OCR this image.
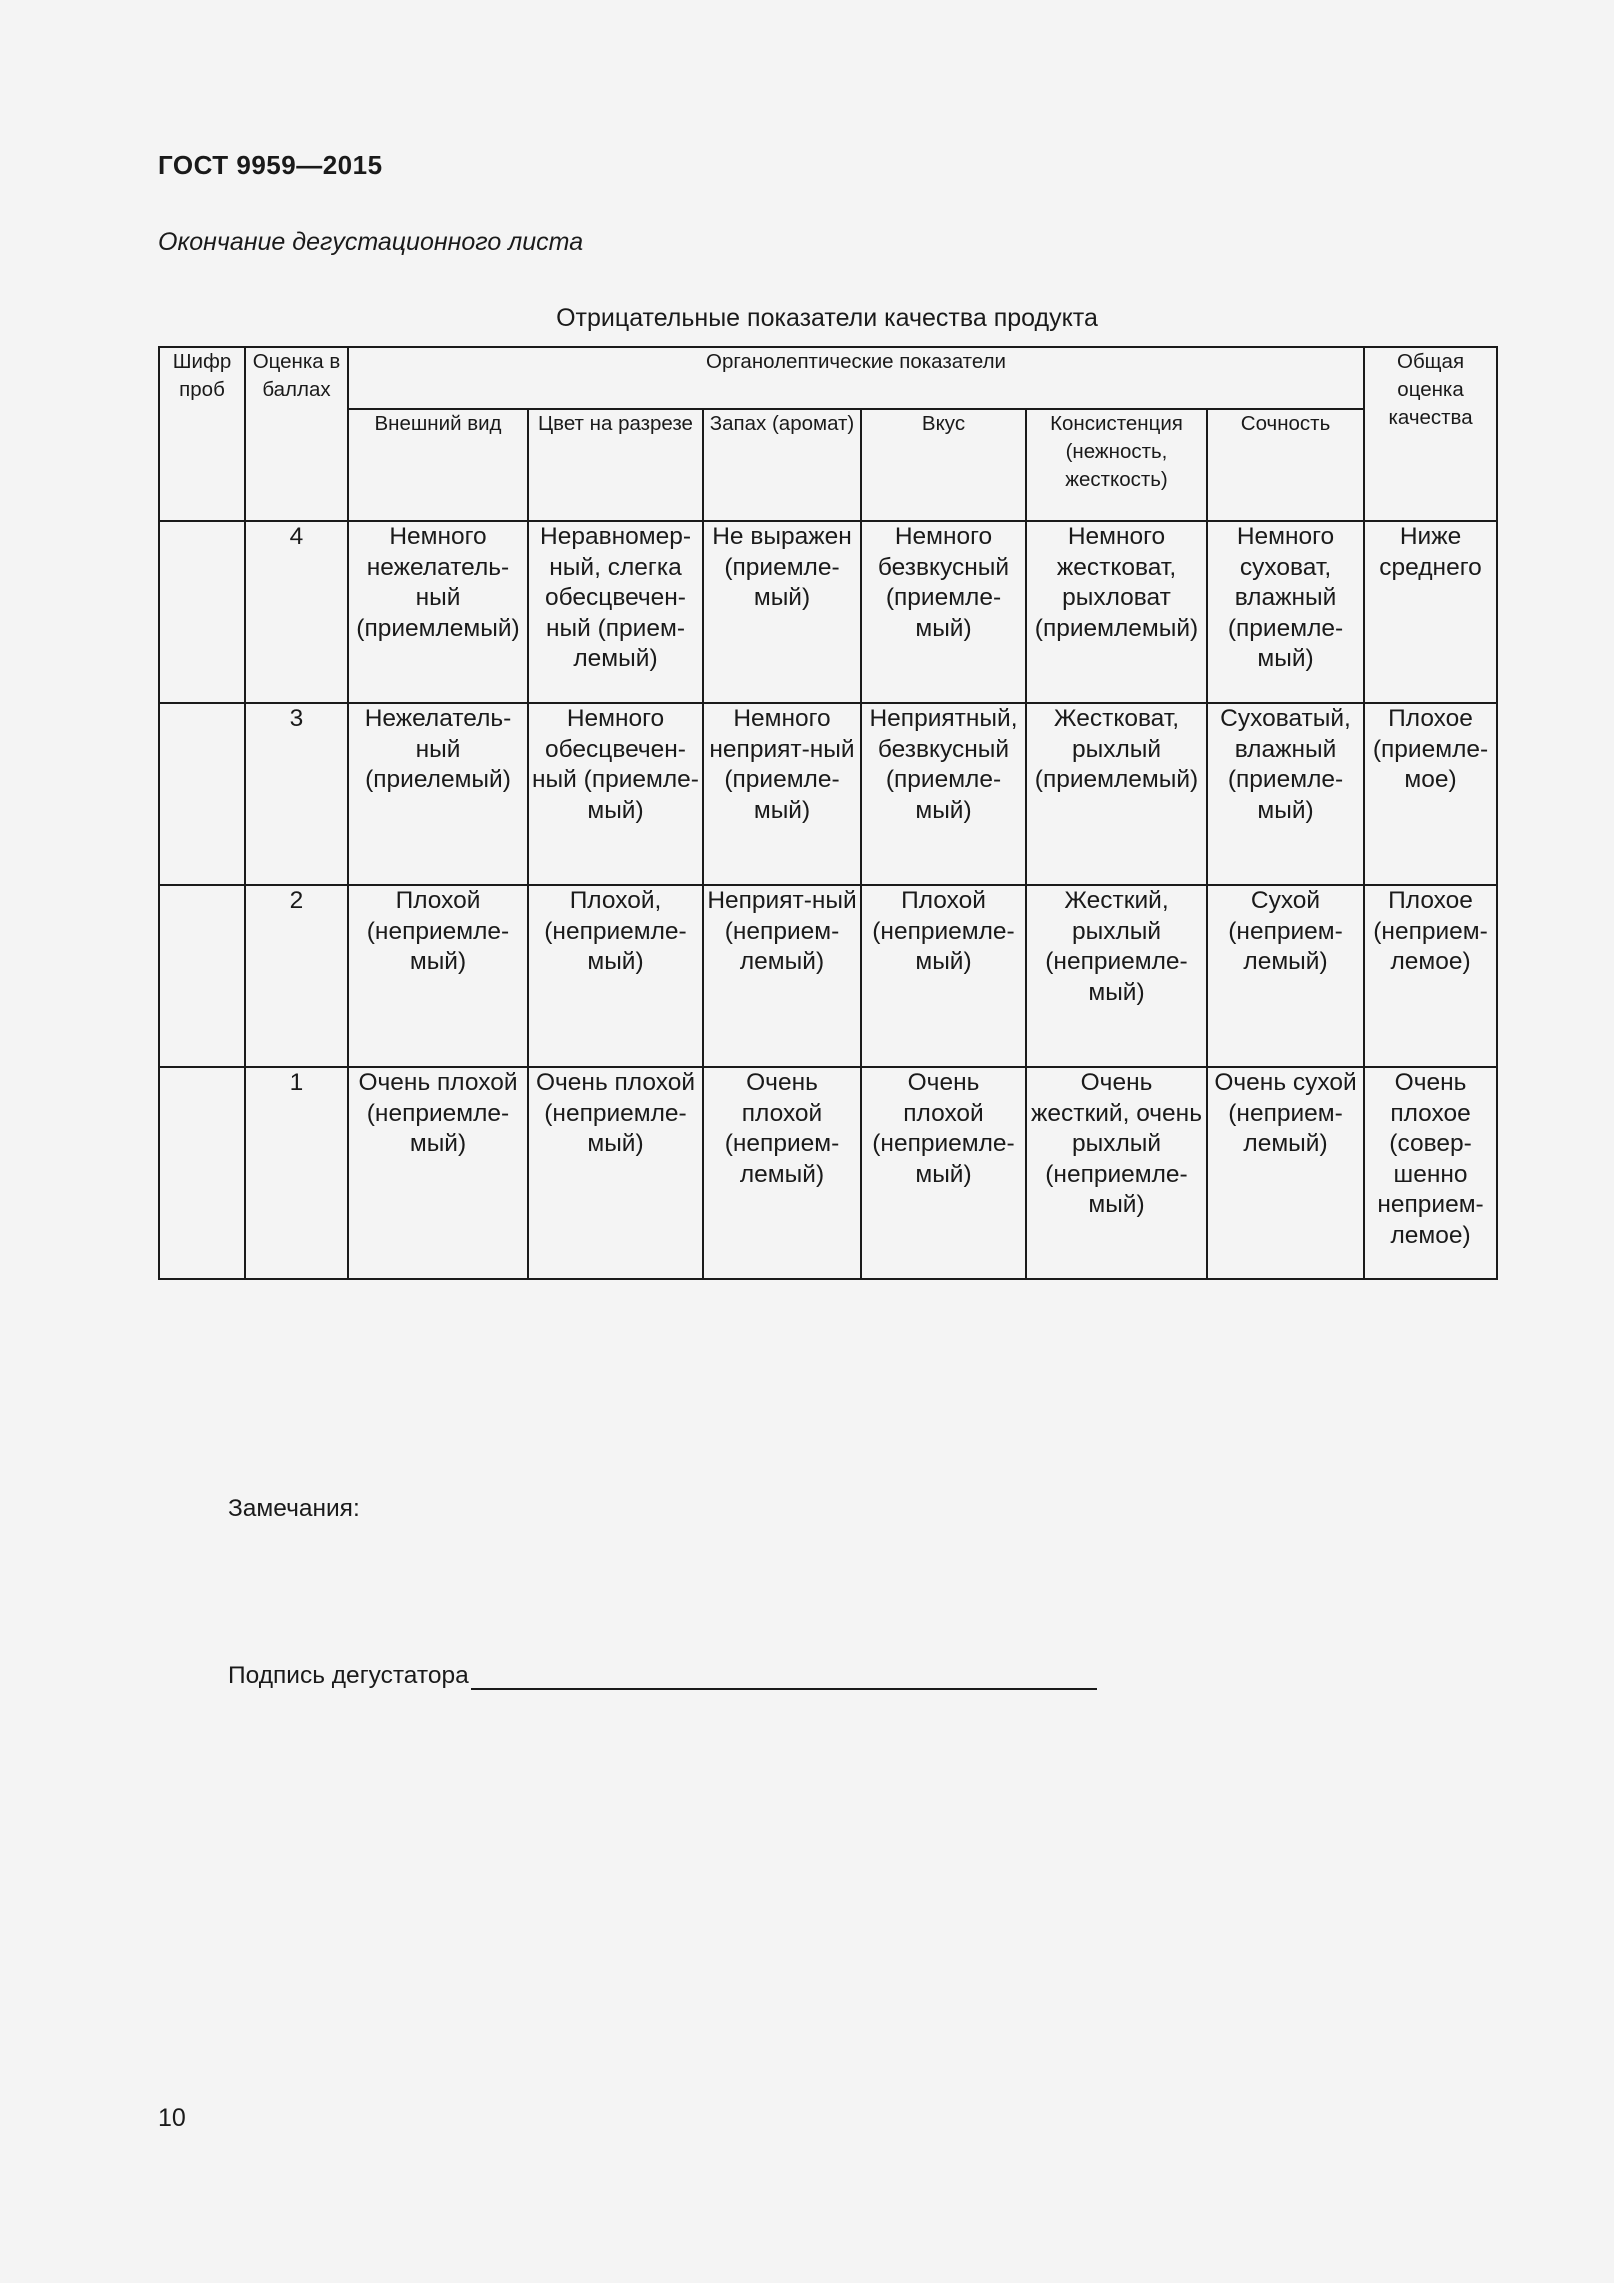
ГОСТ 9959—2015
Окончание дегустационного листа
Отрицательные показатели качества продукта
Шифр проб	Оценка в баллах	Органолептические показатели						Общая оценка качества
		Внешний вид	Цвет на разрезе	Запах (аромат)	Вкус	Консистенция (нежность, жесткость)	Сочность	
	4	Немного нежелатель-ный (приемлемый)	Неравномер-ный, слегка обесцвечен-ный (прием-лемый)	Не выражен (приемле-мый)	Немного безвкусный (приемле-мый)	Немного жестковат, рыхловат (приемлемый)	Немного суховат, влажный (приемле-мый)	Ниже среднего
	3	Нежелатель-ный (приелемый)	Немного обесцвечен-ный (приемле-мый)	Немного неприят-ный (приемле-мый)	Неприятный, безвкусный (приемле-мый)	Жестковат, рыхлый (приемлемый)	Суховатый, влажный (приемле-мый)	Плохое (приемле-мое)
	2	Плохой (неприемле-мый)	Плохой, (неприемле-мый)	Неприят-ный (неприем-лемый)	Плохой (неприемле-мый)	Жесткий, рыхлый (неприемле-мый)	Сухой (неприем-лемый)	Плохое (неприем-лемое)
	1	Очень плохой (неприемле-мый)	Очень плохой (неприемле-мый)	Очень плохой (неприем-лемый)	Очень плохой (неприемле-мый)	Очень жесткий, очень рыхлый (неприемле-мый)	Очень сухой (неприем-лемый)	Очень плохое (совер-шенно неприем-лемое)
Замечания:
Подпись дегустатора
10
